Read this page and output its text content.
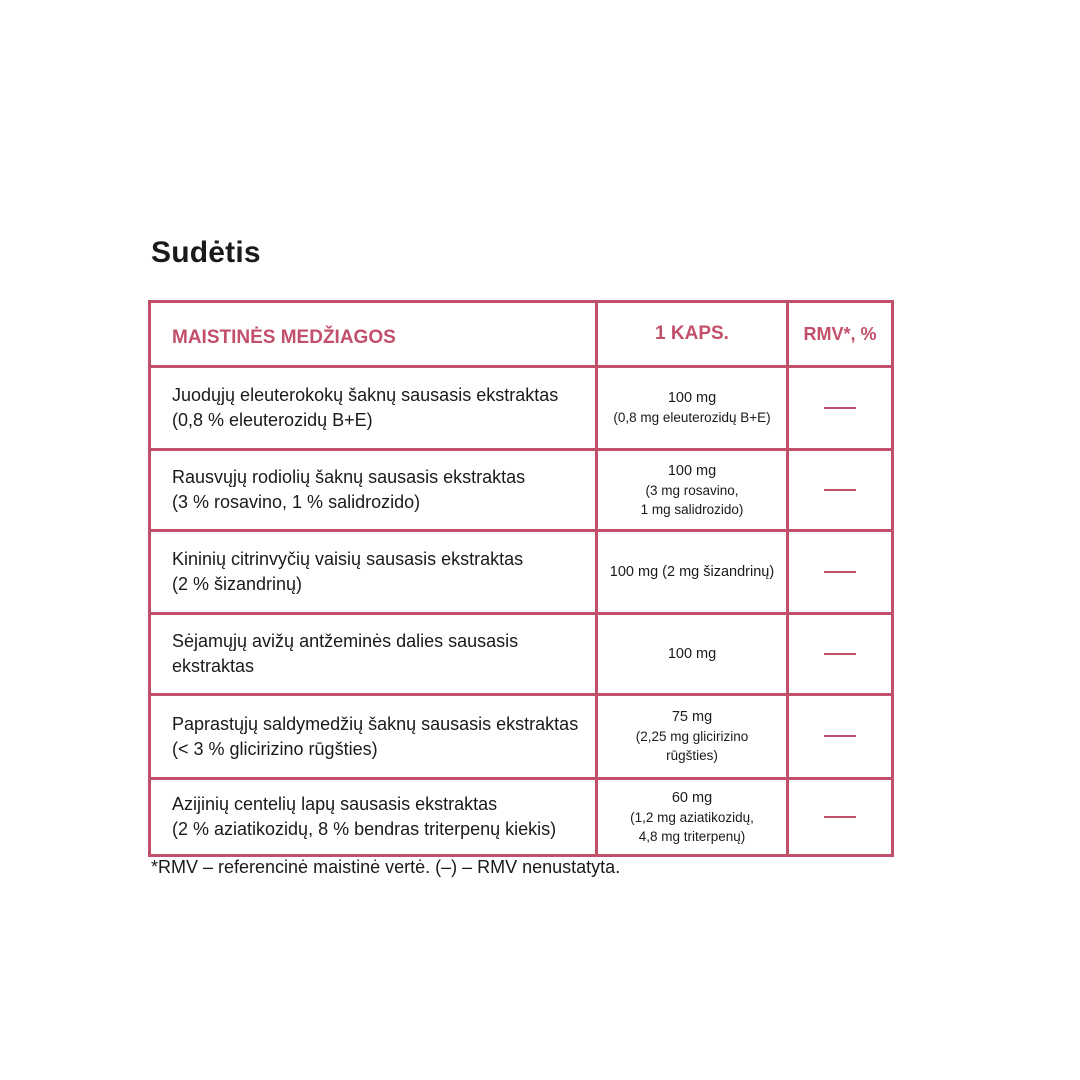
Sudėtis
MAISTINĖS MEDŽIAGOS	1 KAPS.	RMV*, %

Juodųjų eleuterokokų šaknų sausasis ekstraktas
(0,8 % eleuterozidų B+E)	100 mg
(0,8 mg eleuterozidų B+E)	

Rausvųjų rodiolių šaknų sausasis ekstraktas
(3 % rosavino, 1 % salidrozido)	100 mg
(3 mg rosavino,
1 mg salidrozido)	

Kininių citrinvyčių vaisių sausasis ekstraktas
(2 % šizandrinų)	100 mg (2 mg šizandrinų)	

Sėjamųjų avižų antžeminės dalies sausasis
ekstraktas	100 mg	

Paprastųjų saldymedžių šaknų sausasis ekstraktas
(< 3 % glicirizino rūgšties)	75 mg
(2,25 mg glicirizino
rūgšties)	

Azijinių centelių lapų sausasis ekstraktas
(2 % aziatikozidų, 8 % bendras triterpenų kiekis)	60 mg
(1,2 mg aziatikozidų,
4,8 mg triterpenų)	

*RMV – referencinė maistinė vertė. (–) – RMV nenustatyta.
